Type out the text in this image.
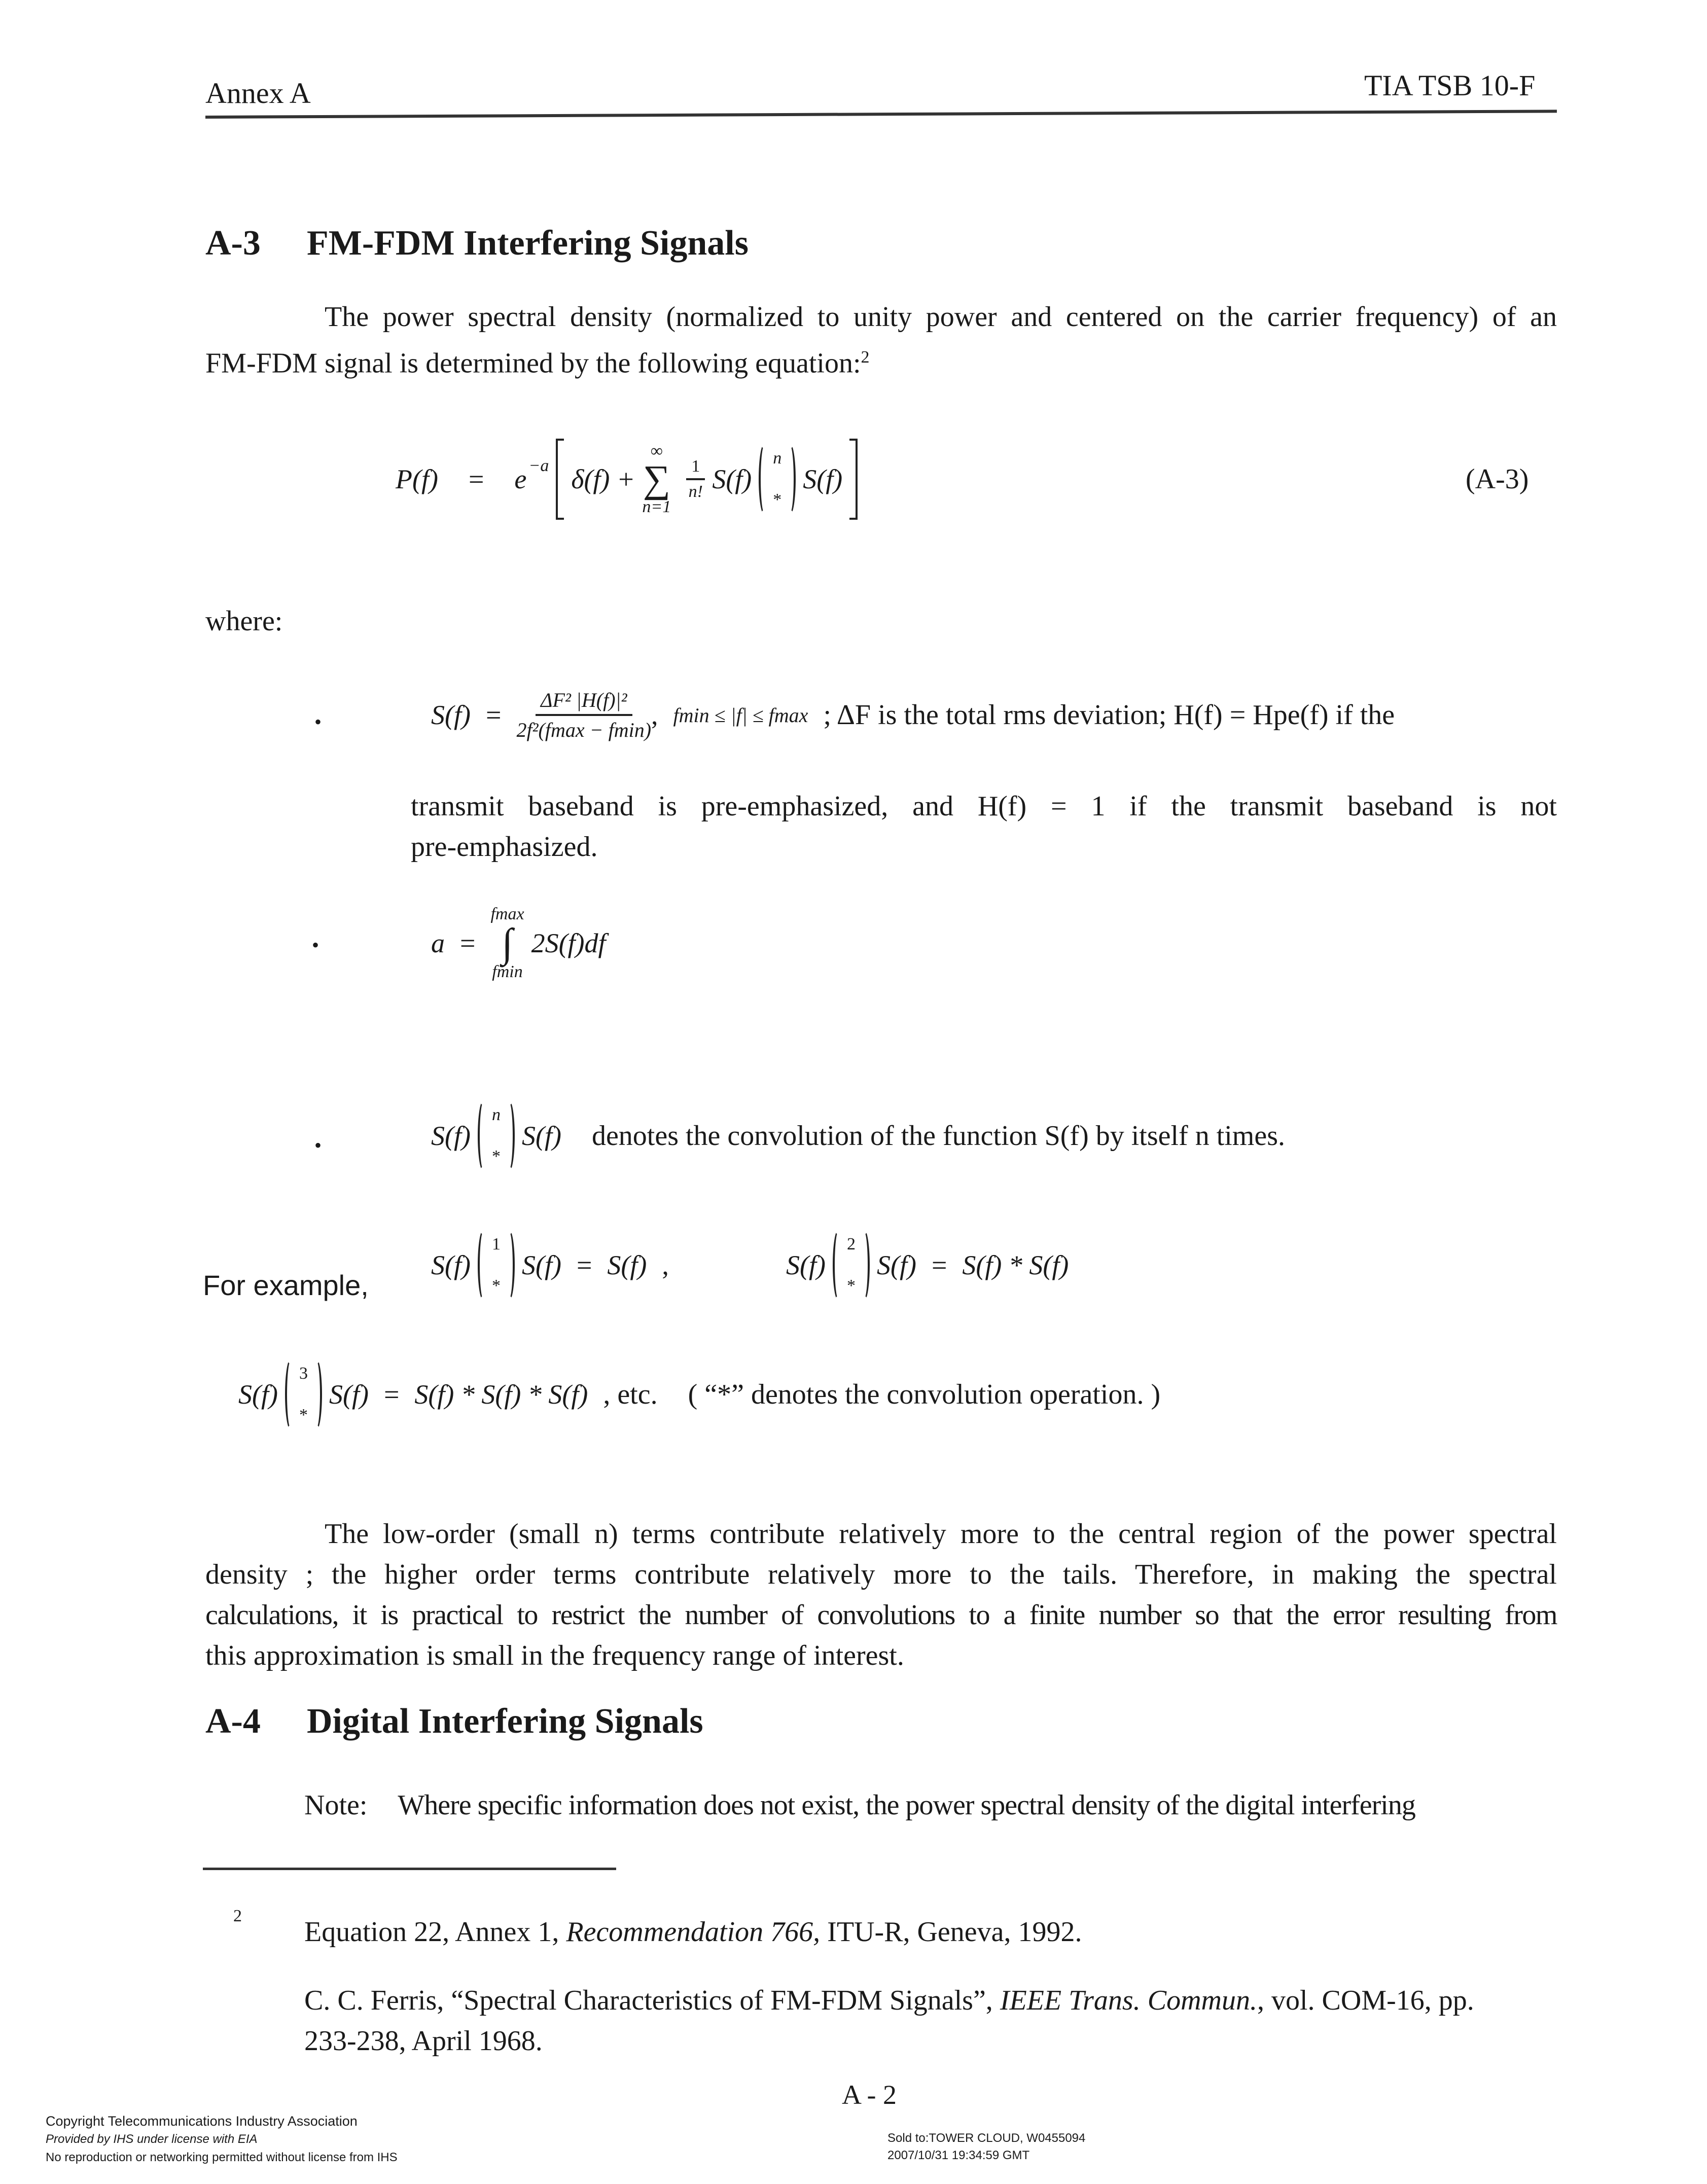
Annex A	TIA TSB 10-F
A-3 FM-FDM Interfering Signals
The power spectral density (normalized to unity power and centered on the carrier frequency) of an
FM-FDM signal is determined by the following equation:$^2$
P(f) = e −a δ(f) +
∞
∑
n=1
$\frac{1}{n!} S(f)$
n
*
S(f)	(A-3)
where:
•	$S(f) = \frac{\text{ΔF² |H(f)|²}}{\text{2f²(fmax − fmin)}}$ , fmin ≤ |f| ≤ fmax ; ΔF is the total rms deviation; H(f) = Hpe(f) if the
transmit baseband is pre-emphasized, and H(f) = 1 if the transmit baseband is not
pre-emphasized.
•	a =
fmax
∫
fmin
2S(f)df
•	S(f)
n
*
S(f) denotes the convolution of the function S(f) by itself n times.
For example,
S(f)
1
*
S(f) = S(f) ,	S(f)
2
*
S(f) = S(f) * S(f)
S(f)
3
*
S(f) = S(f) * S(f) * S(f) , etc. ( “*” denotes the convolution operation. )
The low-order (small n) terms contribute relatively more to the central region of the power spectral
density ; the higher order terms contribute relatively more to the tails. Therefore, in making the spectral
calculations, it is practical to restrict the number of convolutions to a finite number so that the error resulting from
this approximation is small in the frequency range of interest.
A-4 Digital Interfering Signals
Note: Where specific information does not exist, the power spectral density of the digital interfering
2
Equation 22, Annex 1, Recommendation 766, ITU-R, Geneva, 1992.
C. C. Ferris, “Spectral Characteristics of FM-FDM Signals”, IEEE Trans. Commun., vol. COM-16, pp.
233-238, April 1968.
A - 2
Copyright Telecommunications Industry Association
Provided by IHS under license with EIA
No reproduction or networking permitted without license from IHS
Sold to:TOWER CLOUD, W0455094
2007/10/31 19:34:59 GMT
